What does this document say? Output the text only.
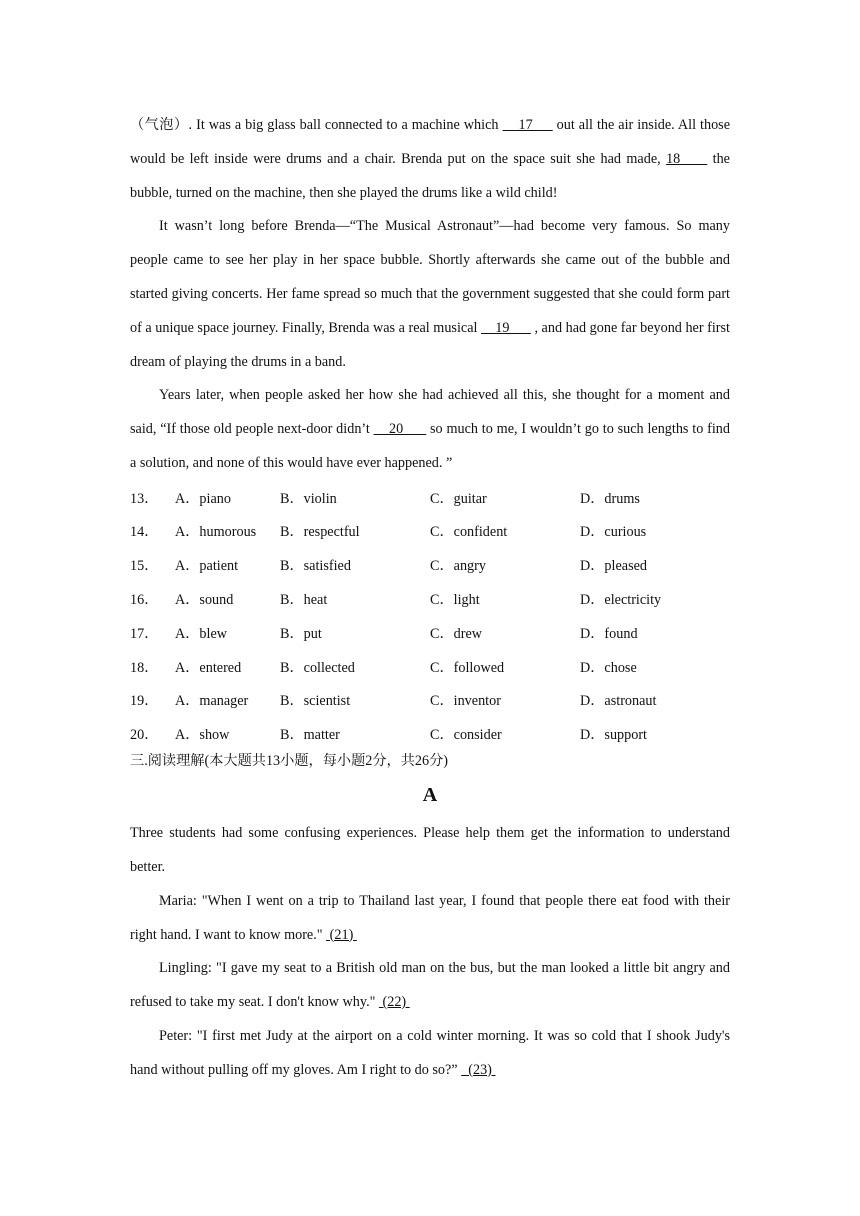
（气泡）. It was a big glass ball connected to a machine which     17      out all the air inside. All those would be left inside were drums and a chair. Brenda put on the space suit she had made, 18      the bubble, turned on the machine, then she played the drums like a wild child!

It wasn’t long before Brenda—“The Musical Astronaut”—had become very famous. So many people came to see her play in her space bubble. Shortly afterwards she came out of the bubble and started giving concerts. Her fame spread so much that the government suggested that she could form part of a unique space journey. Finally, Brenda was a real musical     19       , and had gone far beyond her first dream of playing the drums in a band.

Years later, when people asked her how she had achieved all this, she thought for a moment and said, “If those old people next-door didn’t     20       so much to me, I wouldn’t go to such lengths to find a solution, and none of this would have ever happened. ”

13．	A．piano	B．violin	C．guitar	D．drums
14．	A．humorous	B．respectful	C．confident	D．curious
15．	A．patient	B．satisfied	C．angry	D．pleased
16．	A．sound	B．heat	C．light	D．electricity
17．	A．blew	B．put	C．drew	D．found
18．	A．entered	B．collected	C．followed	D．chose
19．	A．manager	B．scientist	C．inventor	D．astronaut
20．	A．show	B．matter	C．consider	D．support

三.阅读理解(本大题共13小题，每小题2分，共26分)

A

Three students had some confusing experiences. Please help them get the information to understand better.

Maria: "When I went on a trip to Thailand last year, I found that people there eat food with their right hand. I want to know more."  (21)

Lingling: "I gave my seat to a British old man on the bus, but the man looked a little bit angry and refused to take my seat. I don't know why."  (22)

Peter: "I first met Judy at the airport on a cold winter morning. It was so cold that I shook Judy's hand without pulling off my gloves. Am I right to do so?”   (23)
